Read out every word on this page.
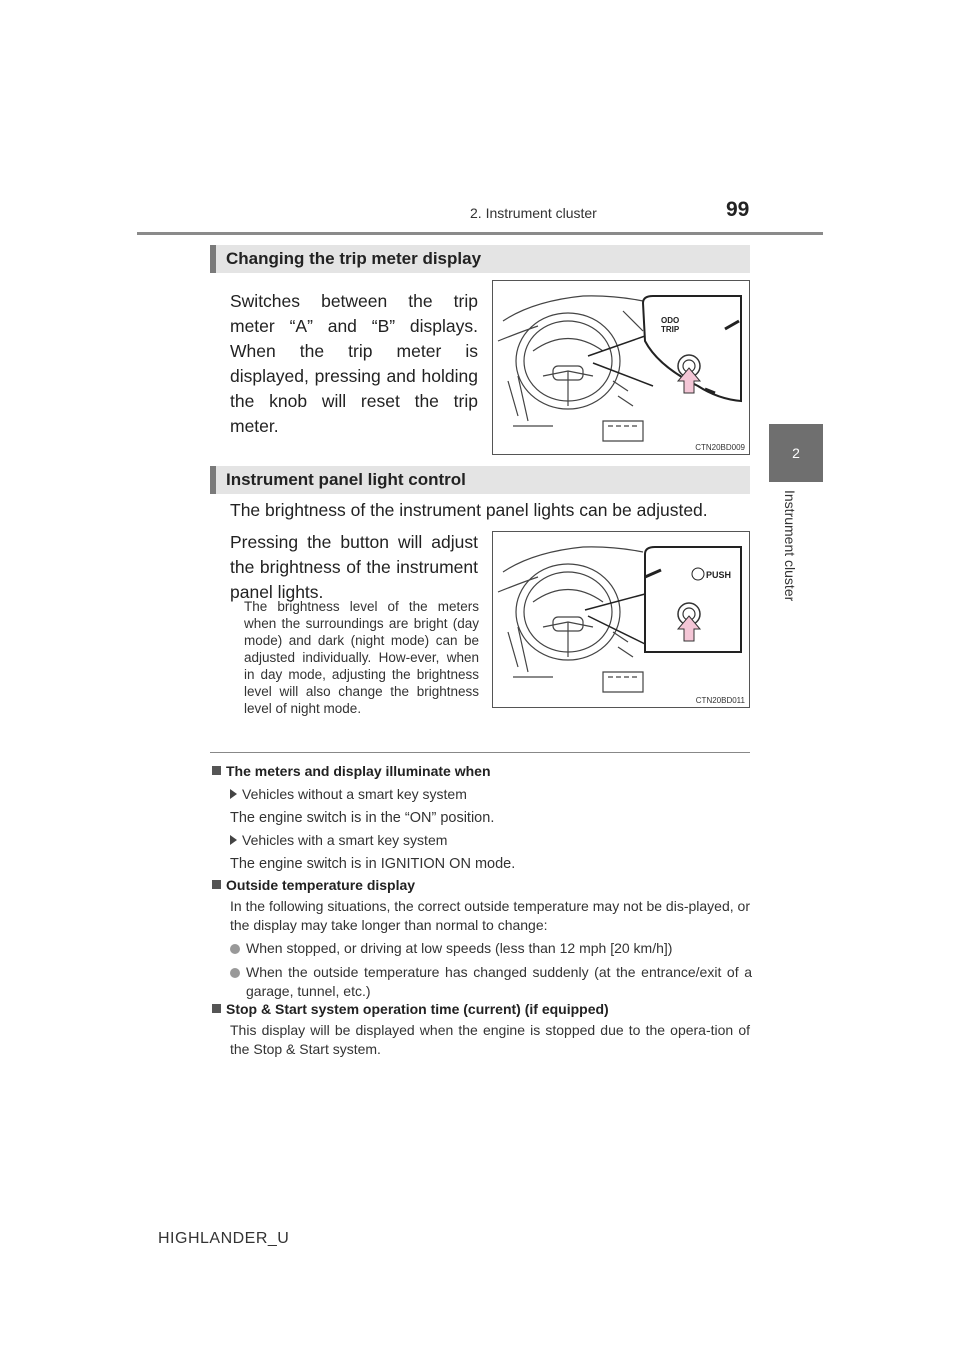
2. Instrument cluster	99
2
Instrument cluster
Changing the trip meter display
Switches between the trip meter “A” and “B” displays. When the trip meter is displayed, pressing and holding the knob will reset the trip meter.
ODO
TRIP
CTN20BD009
Instrument panel light control
The brightness of the instrument panel lights can be adjusted.
Pressing the button will adjust the brightness of the instrument panel lights.
The brightness level of the meters when the surroundings are bright (day mode) and dark (night mode) can be adjusted individually. How-ever, when in day mode, adjusting the brightness level will also change the brightness level of night mode.
PUSH
CTN20BD011
The meters and display illuminate when
Vehicles without a smart key system
The engine switch is in the “ON” position.
Vehicles with a smart key system
The engine switch is in IGNITION ON mode.
Outside temperature display
In the following situations, the correct outside temperature may not be dis-played, or the display may take longer than normal to change:
When stopped, or driving at low speeds (less than 12 mph [20 km/h])
When the outside temperature has changed suddenly (at the entrance/exit of a garage, tunnel, etc.)
Stop & Start system operation time (current) (if equipped)
This display will be displayed when the engine is stopped due to the opera-tion of the Stop & Start system.
HIGHLANDER_U
